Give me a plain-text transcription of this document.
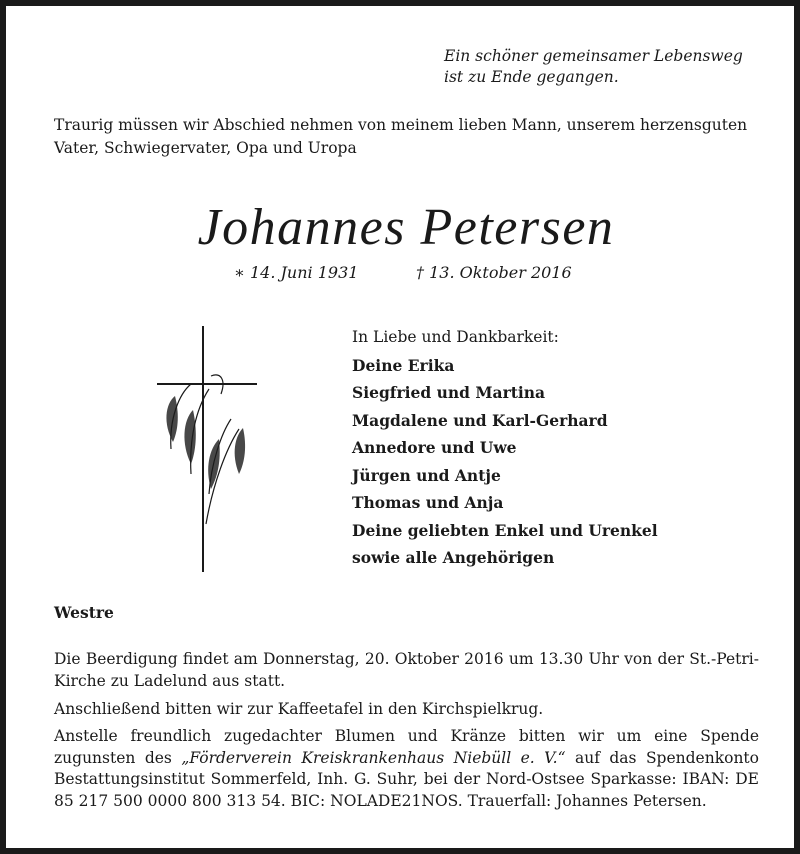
Ein schöner gemeinsamer Lebensweg
ist zu Ende gegangen.
Traurig müssen wir Abschied nehmen von meinem lieben Mann, unserem herzensguten Vater, Schwiegervater, Opa und Uropa
Johannes Petersen
∗ 14. Juni 1931	† 13. Oktober 2016
In Liebe und Dankbarkeit:
Deine Erika
Siegfried und Martina
Magdalene und Karl-Gerhard
Annedore und Uwe
Jürgen und Antje
Thomas und Anja
Deine geliebten Enkel und Urenkel
sowie alle Angehörigen
Westre
Die Beerdigung findet am Donnerstag, 20. Oktober 2016 um 13.30 Uhr von der St.-Petri-Kirche zu Ladelund aus statt.
Anschließend bitten wir zur Kaffeetafel in den Kirchspielkrug.
Anstelle freundlich zugedachter Blumen und Kränze bitten wir um eine Spende zugunsten des „Förderverein Kreiskrankenhaus Niebüll e. V.“ auf das Spendenkonto Bestattungsinstitut Sommerfeld, Inh. G. Suhr, bei der Nord-Ostsee Sparkasse: IBAN: DE 85 217 500 0000 800 313 54. BIC: NOLADE21NOS. Trauerfall: Johannes Petersen.
